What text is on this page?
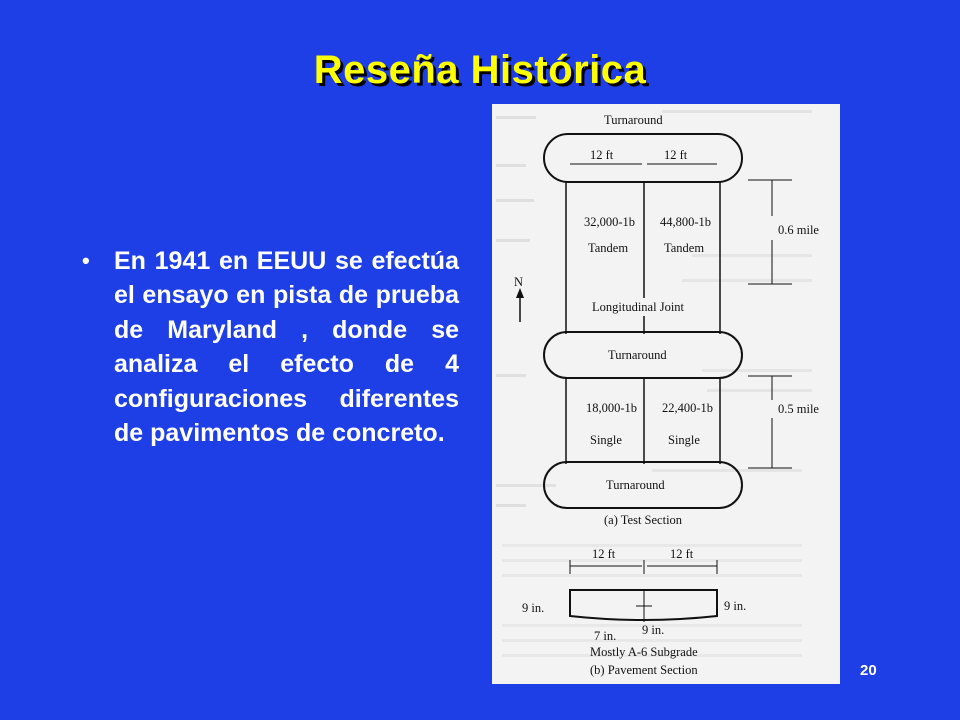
Reseña Histórica
• En 1941 en EEUU se efectúa el ensayo en pista de prueba de Maryland , donde se analiza el efecto de 4 configuraciones diferentes de pavimentos de concreto.
Turnaround
12 ft	12 ft
32,000-1b 44,800-1b
Tandem	Tandem
0.6 mile
N
Longitudinal Joint
Turnaround
18,000-1b 22,400-1b
Single	Single
0.5 mile
Turnaround
(a) Test Section
12 ft	12 ft
9 in.	9 in.
9 in.
7 in.
Mostly A-6 Subgrade
(b) Pavement Section	20
